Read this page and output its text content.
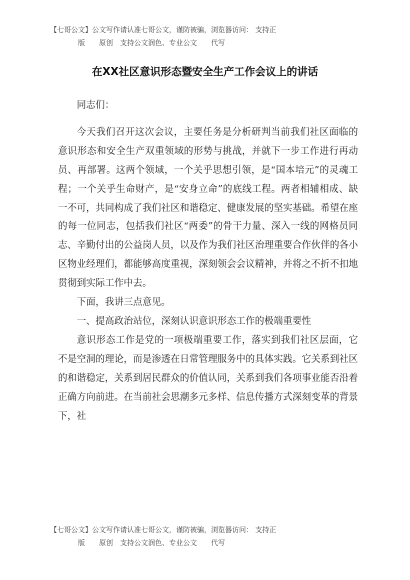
【七哥公文】公文写作请认准七哥公文，谨防被骗，浏览器访问： 支持正
版　　原创　支持公文润色、专业公文　　代写
在XX社区意识形态暨安全生产工作会议上的讲话

同志们：

今天我们召开这次会议，主要任务是分析研判当前我们社区面临的意识形态和安全生产双重领域的形势与挑战，并就下一步工作进行再动员、再部署。这两个领域，一个关乎思想引领，是“国本培元”的灵魂工程；一个关乎生命财产，是“安身立命”的底线工程。两者相辅相成、缺一不可，共同构成了我们社区和谐稳定、健康发展的坚实基础。希望在座的每一位同志，包括我们社区“两委”的骨干力量、深入一线的网格员同志、辛勤付出的公益岗人员，以及作为我们社区治理重要合作伙伴的各小区物业经理们，都能够高度重视，深刻领会会议精神，并将之不折不扣地贯彻到实际工作中去。

下面，我讲三点意见。

一、提高政治站位，深刻认识意识形态工作的极端重要性

意识形态工作是党的一项极端重要工作，落实到我们社区层面，它不是空洞的理论，而是渗透在日常管理服务中的具体实践。它关系到社区的和谐稳定，关系到居民群众的价值认同，关系到我们各项事业能否沿着正确方向前进。在当前社会思潮多元多样、信息传播方式深刻变革的背景下，社

【七哥公文】公文写作请认准七哥公文，谨防被骗，浏览器访问： 支持正
版　　原创　支持公文润色、专业公文　　代写
